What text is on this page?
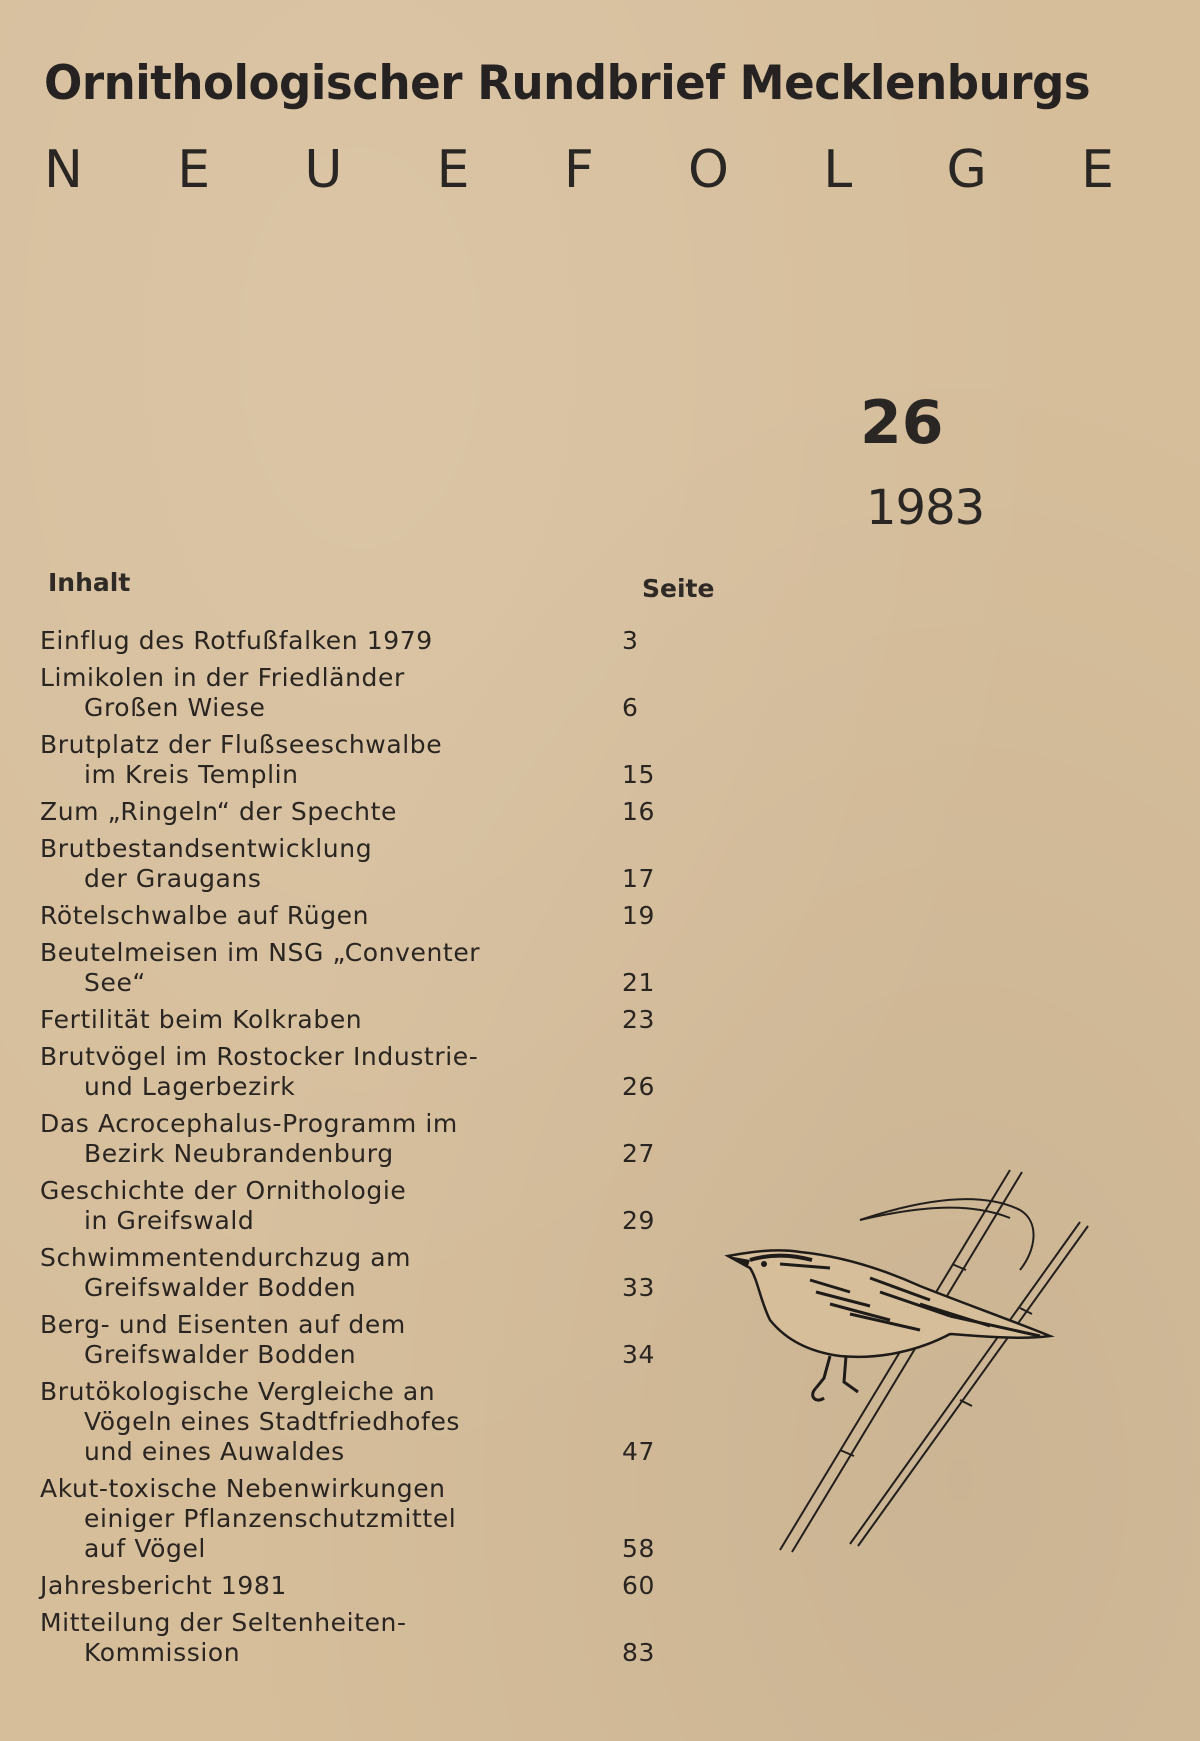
Ornithologischer Rundbrief Mecklenburgs
N E U E F O L G E
26
1983
Inhalt	Seite
Einflug des Rotfußfalken 1979	3
Limikolen in der Friedländer
Großen Wiese	6
Brutplatz der Flußseeschwalbe
im Kreis Templin	15
Zum „Ringeln“ der Spechte	16
Brutbestandsentwicklung
der Graugans	17
Rötelschwalbe auf Rügen	19
Beutelmeisen im NSG „Conventer
See“	21
Fertilität beim Kolkraben	23
Brutvögel im Rostocker Industrie-
und Lagerbezirk	26
Das Acrocephalus-Programm im
Bezirk Neubrandenburg	27
Geschichte der Ornithologie
in Greifswald	29
Schwimmentendurchzug am
Greifswalder Bodden	33
Berg- und Eisenten auf dem
Greifswalder Bodden	34
Brutökologische Vergleiche an
Vögeln eines Stadtfriedhofes
und eines Auwaldes	47
Akut-toxische Nebenwirkungen
einiger Pflanzenschutzmittel
auf Vögel	58
Jahresbericht 1981	60
Mitteilung der Seltenheiten-
Kommission	83
